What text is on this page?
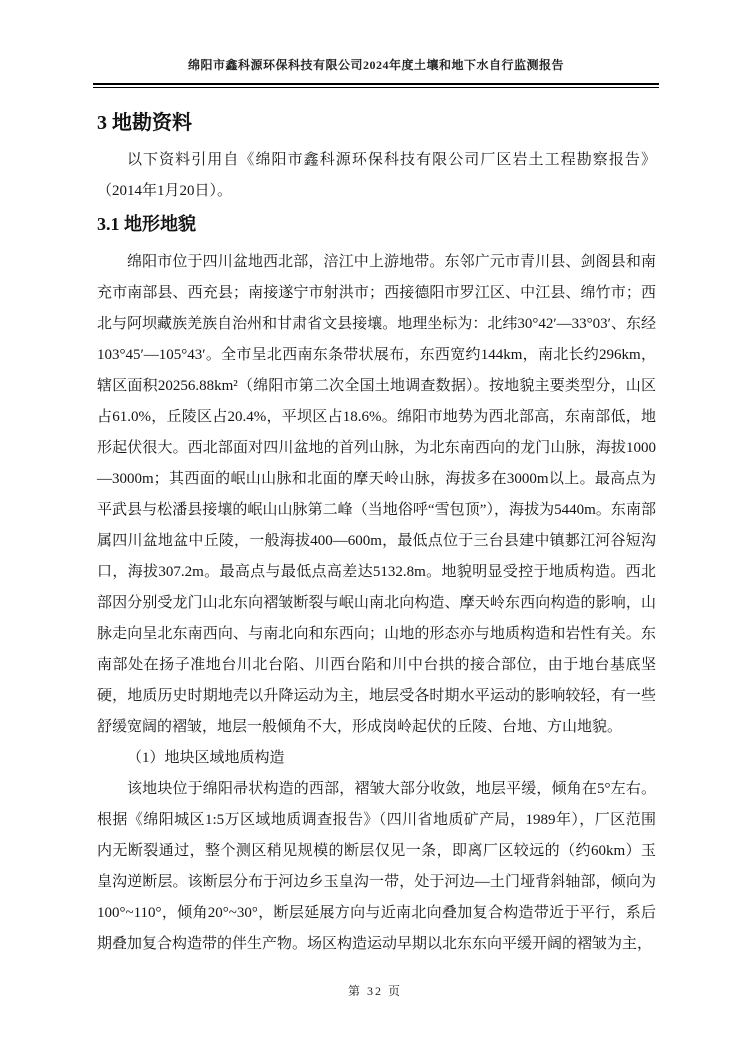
绵阳市鑫科源环保科技有限公司2024年度土壤和地下水自行监测报告
3 地勘资料

以下资料引用自《绵阳市鑫科源环保科技有限公司厂区岩土工程勘察报告》（2014年1月20日）。

3.1 地形地貌

绵阳市位于四川盆地西北部，涪江中上游地带。东邻广元市青川县、剑阁县和南充市南部县、西充县；南接遂宁市射洪市；西接德阳市罗江区、中江县、绵竹市；西北与阿坝藏族羌族自治州和甘肃省文县接壤。地理坐标为：北纬30°42′—33°03′、东经103°45′—105°43′。全市呈北西南东条带状展布，东西宽约144km，南北长约296km，辖区面积20256.88km²（绵阳市第二次全国土地调查数据）。按地貌主要类型分，山区占61.0%，丘陵区占20.4%，平坝区占18.6%。绵阳市地势为西北部高，东南部低，地形起伏很大。西北部面对四川盆地的首列山脉，为北东南西向的龙门山脉，海拔1000—3000m；其西面的岷山山脉和北面的摩天岭山脉，海拔多在3000m以上。最高点为平武县与松潘县接壤的岷山山脉第二峰（当地俗呼“雪包顶”），海拔为5440m。东南部属四川盆地盆中丘陵，一般海拔400—600m，最低点位于三台县建中镇郪江河谷短沟口，海拔307.2m。最高点与最低点高差达5132.8m。地貌明显受控于地质构造。西北部因分别受龙门山北东向褶皱断裂与岷山南北向构造、摩天岭东西向构造的影响，山脉走向呈北东南西向、与南北向和东西向；山地的形态亦与地质构造和岩性有关。东南部处在扬子准地台川北台陷、川西台陷和川中台拱的接合部位，由于地台基底坚硬，地质历史时期地壳以升降运动为主，地层受各时期水平运动的影响较轻，有一些舒缓宽阔的褶皱，地层一般倾角不大，形成岗岭起伏的丘陵、台地、方山地貌。

（1）地块区域地质构造

该地块位于绵阳帚状构造的西部，褶皱大部分收敛，地层平缓，倾角在5°左右。根据《绵阳城区1:5万区域地质调查报告》（四川省地质矿产局，1989年），厂区范围内无断裂通过，整个测区稍见规模的断层仅见一条，即离厂区较远的（约60km）玉皇沟逆断层。该断层分布于河边乡玉皇沟一带，处于河边—土门垭背斜轴部，倾向为100°~110°，倾角20°~30°，断层延展方向与近南北向叠加复合构造带近于平行，系后期叠加复合构造带的伴生产物。场区构造运动早期以北东东向平缓开阔的褶皱为主，

第 32 页
